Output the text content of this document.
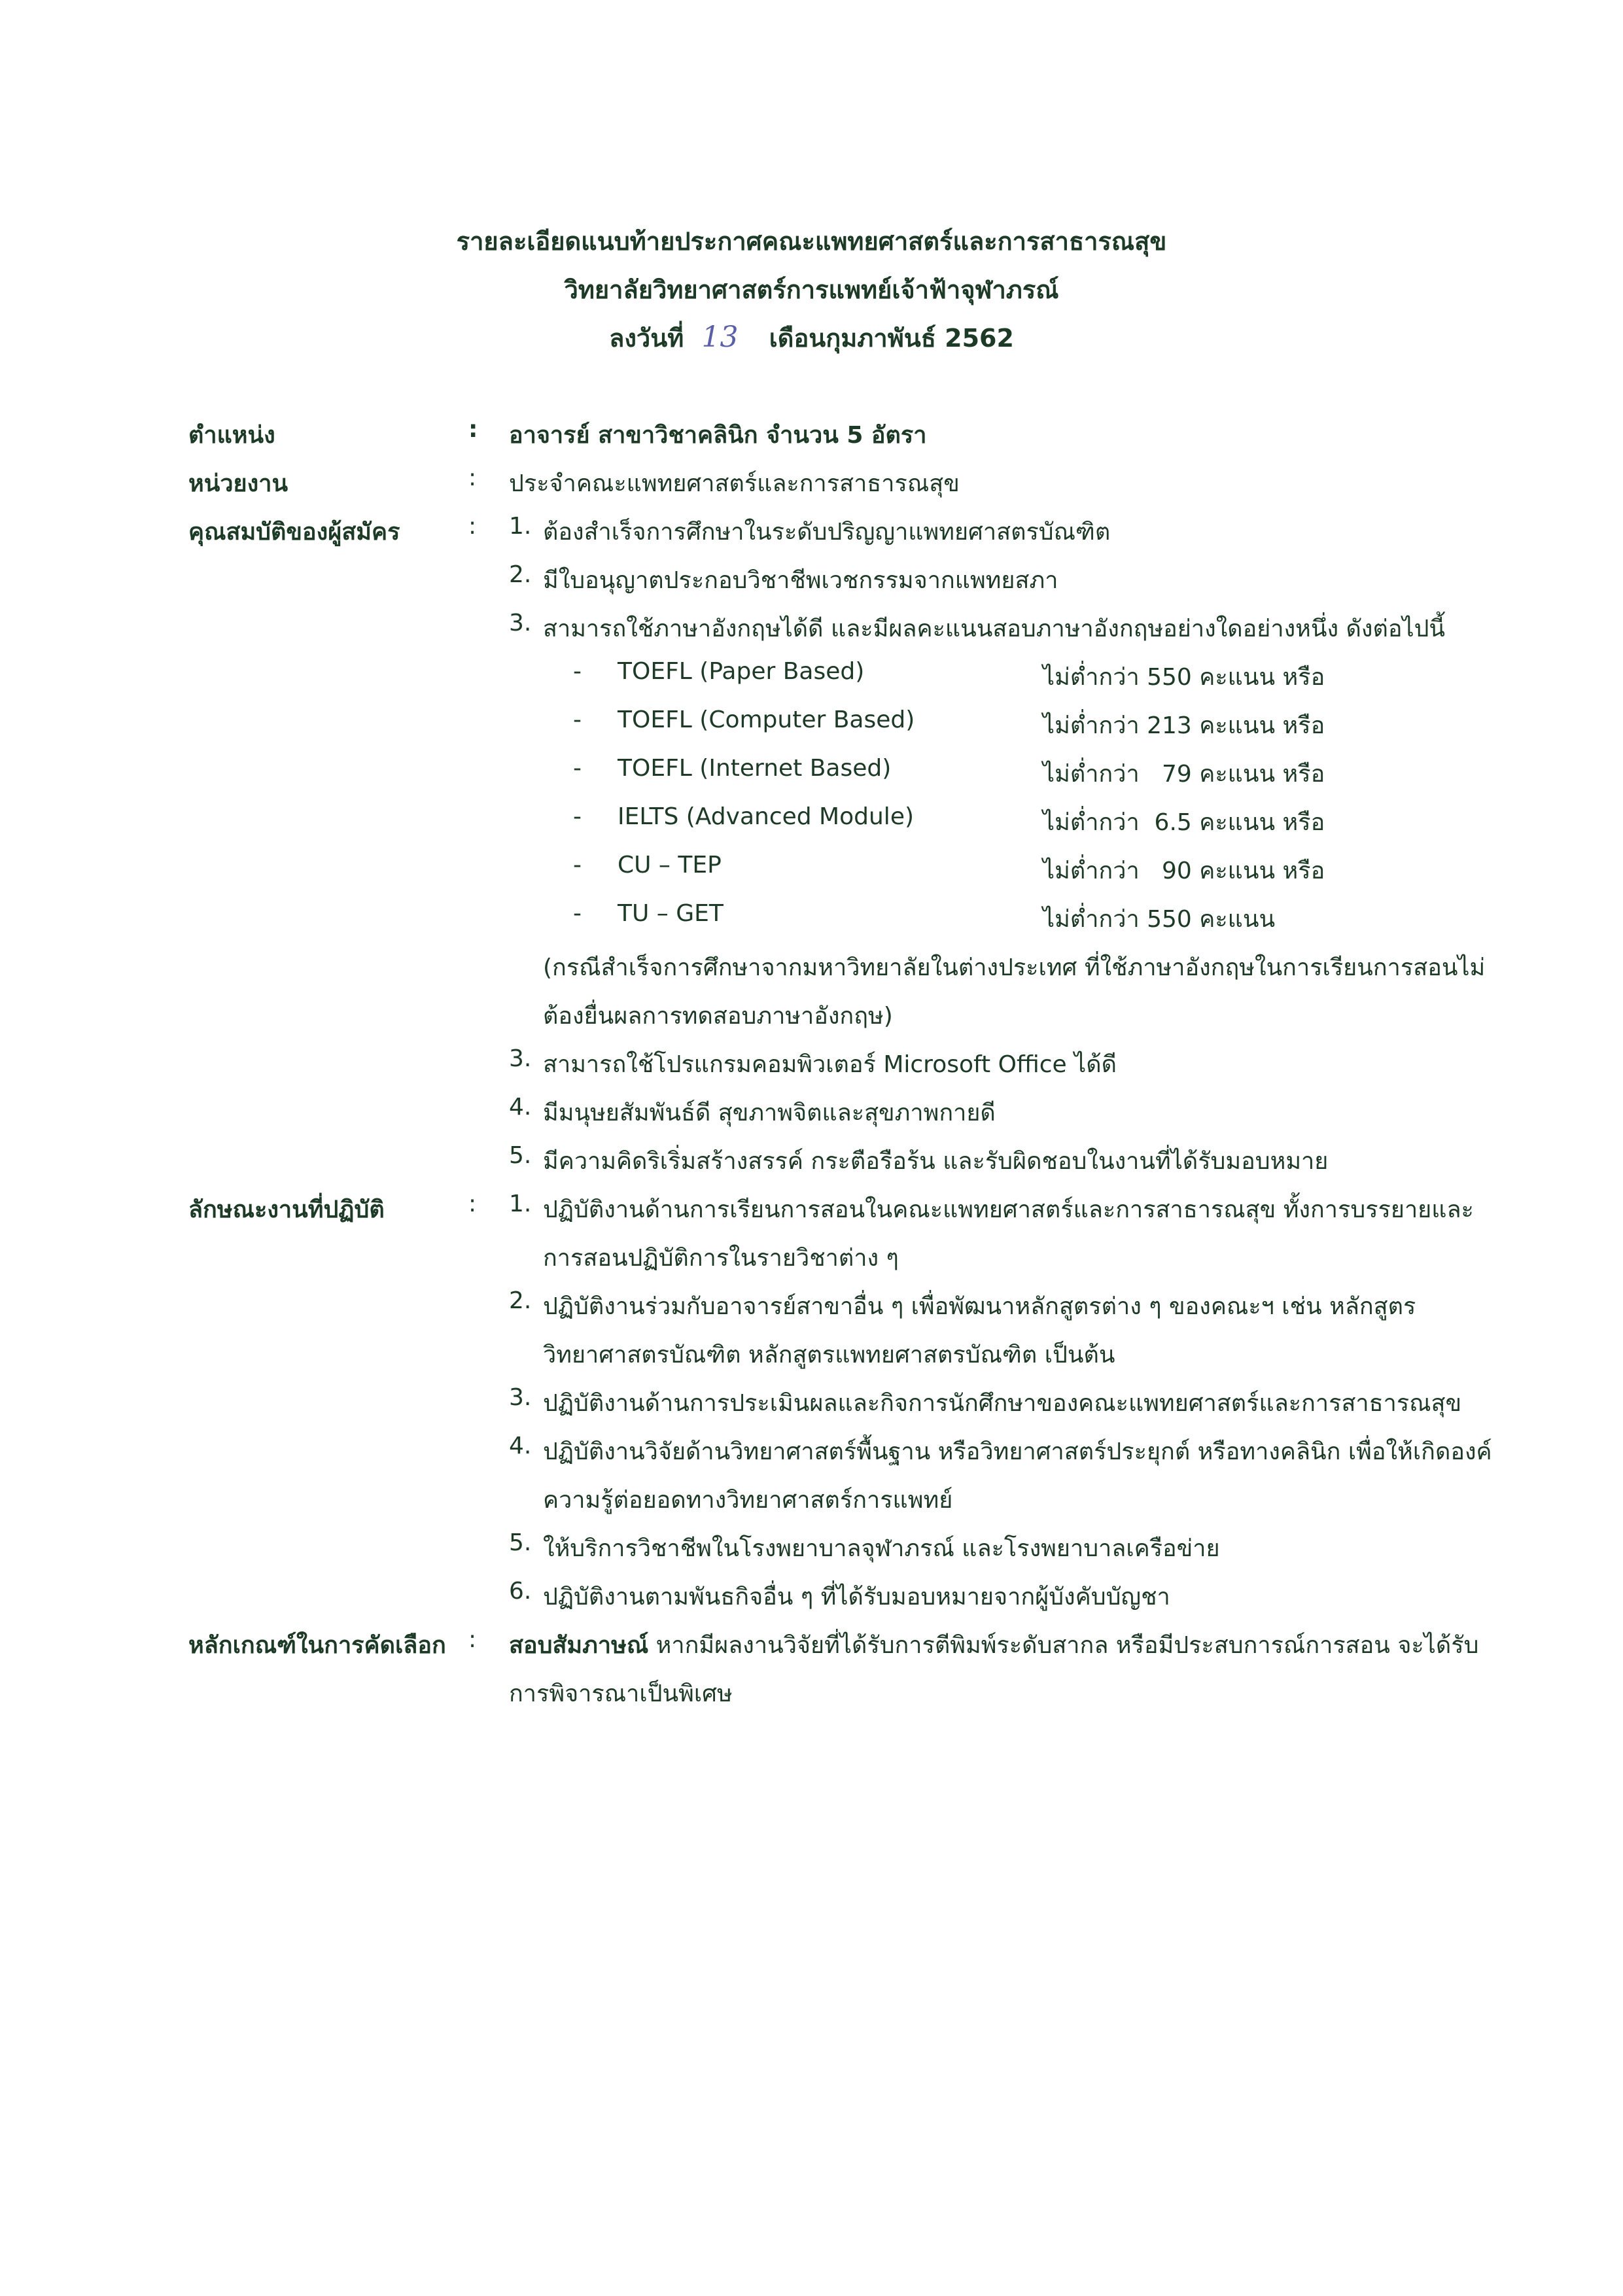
รายละเอียดแนบท้ายประกาศคณะแพทยศาสตร์และการสาธารณสุข
วิทยาลัยวิทยาศาสตร์การแพทย์เจ้าฟ้าจุฬาภรณ์
ลงวันที่ 13 เดือนกุมภาพันธ์ 2562
ตำแหน่ง	: อาจารย์ สาขาวิชาคลินิก จำนวน 5 อัตรา
หน่วยงาน	: ประจำคณะแพทยศาสตร์และการสาธารณสุข
คุณสมบัติของผู้สมัคร	: 1. ต้องสำเร็จการศึกษาในระดับปริญญาแพทยศาสตรบัณฑิต
2. มีใบอนุญาตประกอบวิชาชีพเวชกรรมจากแพทยสภา
3. สามารถใช้ภาษาอังกฤษได้ดี และมีผลคะแนนสอบภาษาอังกฤษอย่างใดอย่างหนึ่ง ดังต่อไปนี้
- TOEFL (Paper Based)	ไม่ต่ำกว่า 550 คะแนน หรือ
- TOEFL (Computer Based)	ไม่ต่ำกว่า 213 คะแนน หรือ
- TOEFL (Internet Based)	ไม่ต่ำกว่า   79 คะแนน หรือ
- IELTS (Advanced Module)	ไม่ต่ำกว่า  6.5 คะแนน หรือ
- CU – TEP	ไม่ต่ำกว่า   90 คะแนน หรือ
- TU – GET	ไม่ต่ำกว่า 550 คะแนน
(กรณีสำเร็จการศึกษาจากมหาวิทยาลัยในต่างประเทศ ที่ใช้ภาษาอังกฤษในการเรียนการสอนไม่
ต้องยื่นผลการทดสอบภาษาอังกฤษ)
3. สามารถใช้โปรแกรมคอมพิวเตอร์ Microsoft Office ได้ดี
4. มีมนุษยสัมพันธ์ดี สุขภาพจิตและสุขภาพกายดี
5. มีความคิดริเริ่มสร้างสรรค์ กระตือรือร้น และรับผิดชอบในงานที่ได้รับมอบหมาย
ลักษณะงานที่ปฏิบัติ	: 1. ปฏิบัติงานด้านการเรียนการสอนในคณะแพทยศาสตร์และการสาธารณสุข ทั้งการบรรยายและ
การสอนปฏิบัติการในรายวิชาต่าง ๆ
2. ปฏิบัติงานร่วมกับอาจารย์สาขาอื่น ๆ เพื่อพัฒนาหลักสูตรต่าง ๆ ของคณะฯ เช่น หลักสูตร
วิทยาศาสตรบัณฑิต หลักสูตรแพทยศาสตรบัณฑิต เป็นต้น
3. ปฏิบัติงานด้านการประเมินผลและกิจการนักศึกษาของคณะแพทยศาสตร์และการสาธารณสุข
4. ปฏิบัติงานวิจัยด้านวิทยาศาสตร์พื้นฐาน หรือวิทยาศาสตร์ประยุกต์ หรือทางคลินิก เพื่อให้เกิดองค์
ความรู้ต่อยอดทางวิทยาศาสตร์การแพทย์
5. ให้บริการวิชาชีพในโรงพยาบาลจุฬาภรณ์ และโรงพยาบาลเครือข่าย
6. ปฏิบัติงานตามพันธกิจอื่น ๆ ที่ได้รับมอบหมายจากผู้บังคับบัญชา
หลักเกณฑ์ในการคัดเลือก : สอบสัมภาษณ์ หากมีผลงานวิจัยที่ได้รับการตีพิมพ์ระดับสากล หรือมีประสบการณ์การสอน จะได้รับ
การพิจารณาเป็นพิเศษ
